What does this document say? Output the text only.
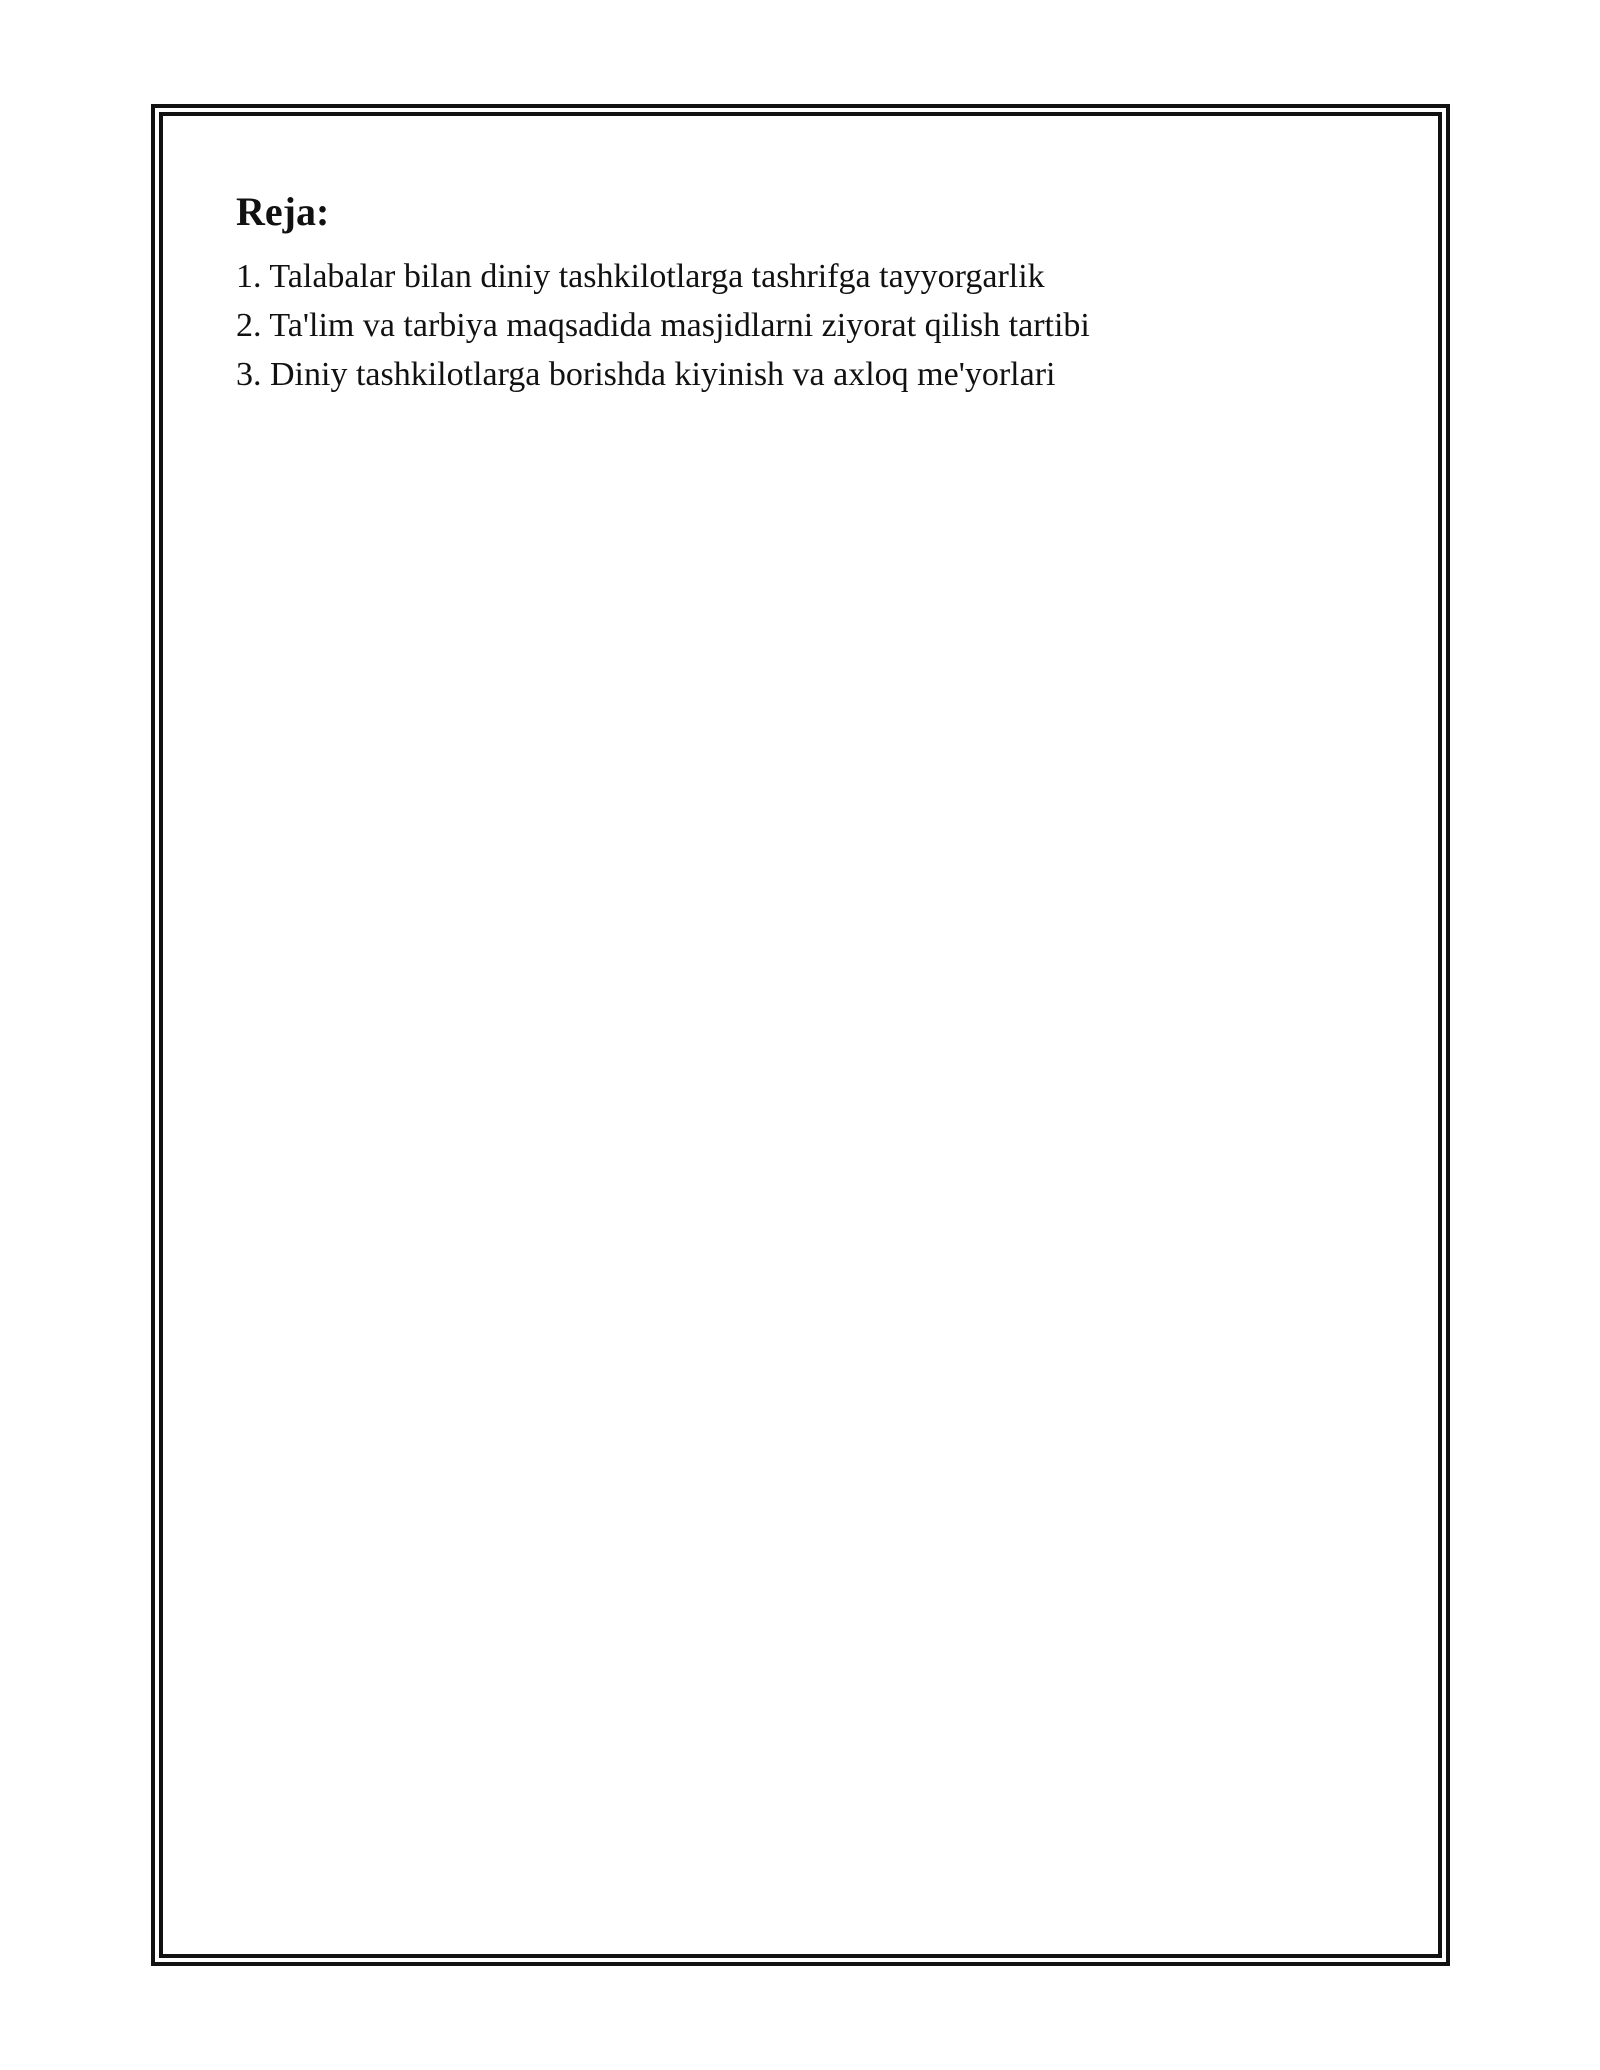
Reja:
1. Talabalar bilan diniy tashkilotlarga tashrifga tayyorgarlik
2. Ta'lim va tarbiya maqsadida masjidlarni ziyorat qilish tartibi
3. Diniy tashkilotlarga borishda kiyinish va axloq me'yorlari
